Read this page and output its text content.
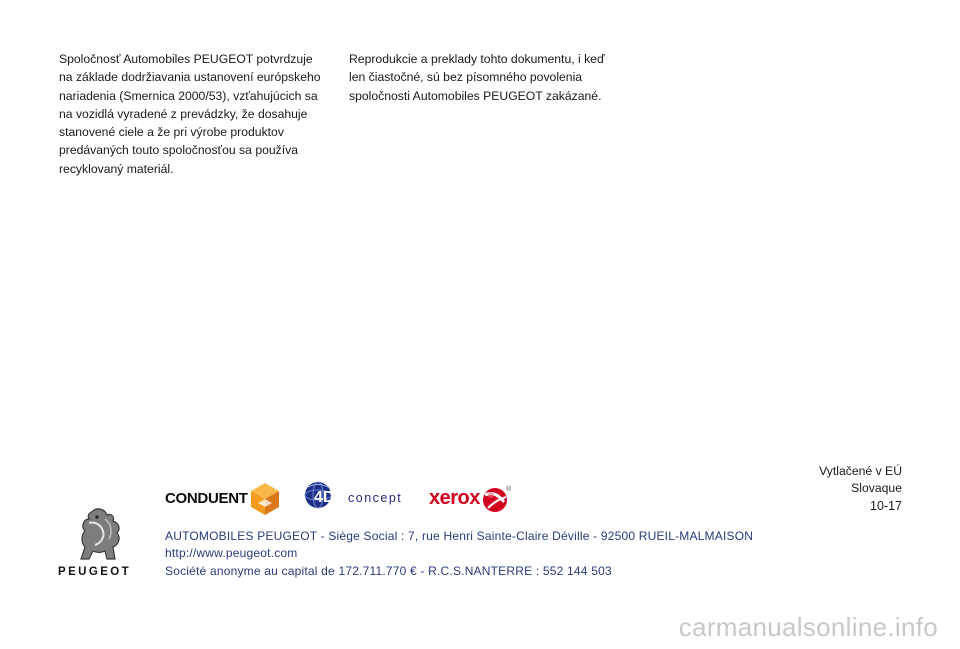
Spoločnosť Automobiles PEUGEOT potvrdzuje
na základe dodržiavania ustanovení európskeho
nariadenia (Smernica 2000/53), vzťahujúcich sa
na vozidlá vyradené z prevádzky, že dosahuje
stanovené ciele a že pri výrobe produktov
predávaných touto spoločnosťou sa používa
recyklovaný materiál.
Reprodukcie a preklady tohto dokumentu, i keď
len čiastočné, sú bez písomného povolenia
spoločnosti Automobiles PEUGEOT zakázané.
Vytlačené v EÚ
Slovaque
10-17
CONDUENT	4D concept xerox	®
AUTOMOBILES PEUGEOT - Siège Social : 7, rue Henri Sainte-Claire Déville - 92500 RUEIL-MALMAISON
http://www.peugeot.com
Société anonyme au capital de 172.711.770 € - R.C.S.NANTERRE : 552 144 503
PEUGEOT
carmanualsonline.info
